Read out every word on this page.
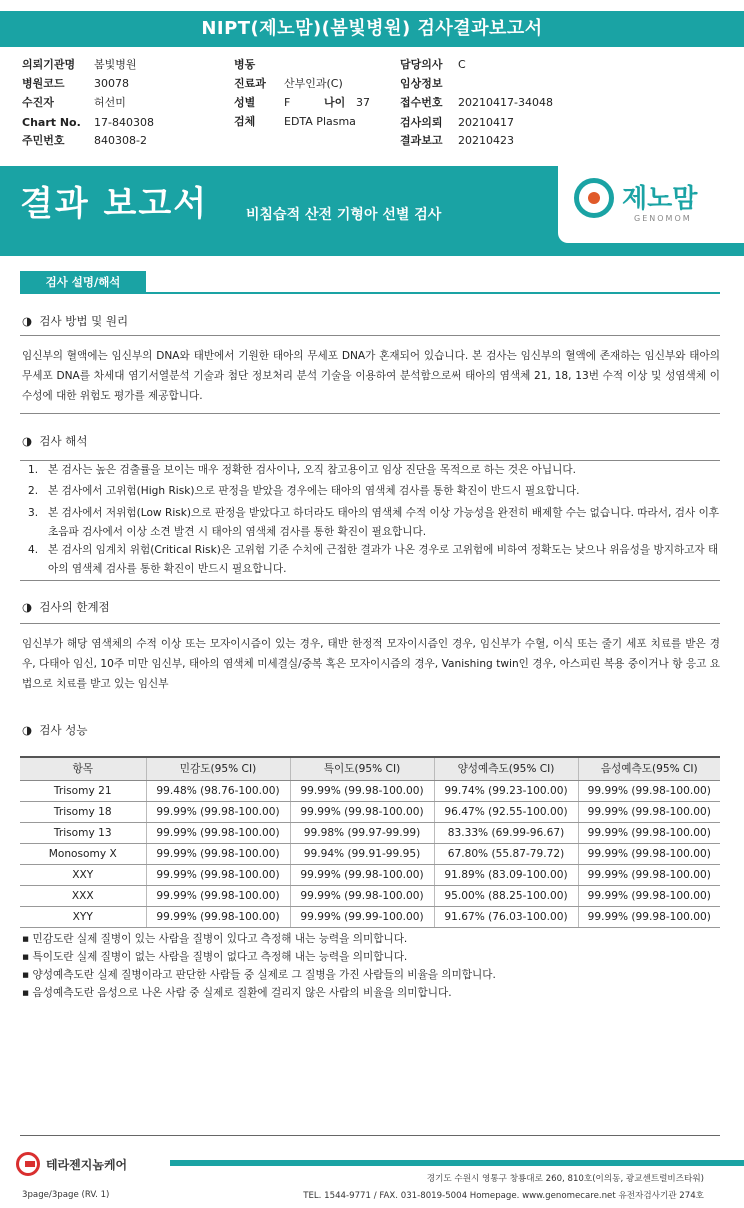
NIPT(제노맘)(봄빛병원) 검사결과보고서
의뢰기관명 봄빛병원
병원코드	30078
수진자	허선미
Chart No. 17-840308
주민번호	840308-2
병동
진료과 산부인과(C)
성별	F	나이 37
검체	EDTA Plasma
담당의사 C
임상정보
접수번호 20210417-34048
검사의뢰 20210417
결과보고 20210423
결과 보고서	비침습적 산전 기형아 선별 검사
제노맘
GENOMOM
검사 설명/해석
◑ 검사 방법 및 원리
임신부의 혈액에는 임신부의 DNA와 태반에서 기원한 태아의 무세포 DNA가 혼재되어 있습니다. 본 검사는 임신부의 혈액에 존재하는 임신부와 태아의 무세포 DNA를 차세대 염기서열분석 기술과 첨단 정보처리 분석 기술을 이용하여 분석함으로써 태아의 염색체 21, 18, 13번 수적 이상 및 성염색체 이수성에 대한 위험도 평가를 제공합니다.
◑ 검사 해석
1. 본 검사는 높은 검출률을 보이는 매우 정확한 검사이나, 오직 참고용이고 임상 진단을 목적으로 하는 것은 아닙니다.
2. 본 검사에서 고위험(High Risk)으로 판정을 받았을 경우에는 태아의 염색체 검사를 통한 확진이 반드시 필요합니다.
3. 본 검사에서 저위험(Low Risk)으로 판정을 받았다고 하더라도 태아의 염색체 수적 이상 가능성을 완전히 배제할 수는 없습니다. 따라서, 검사 이후 초음파 검사에서 이상 소견 발견 시 태아의 염색체 검사를 통한 확진이 필요합니다.
4. 본 검사의 임계치 위험(Critical Risk)은 고위험 기준 수치에 근접한 결과가 나온 경우로 고위험에 비하여 정확도는 낮으나 위음성을 방지하고자 태아의 염색체 검사를 통한 확진이 반드시 필요합니다.
◑ 검사의 한계점
임신부가 해당 염색체의 수적 이상 또는 모자이시즘이 있는 경우, 태반 한정적 모자이시즘인 경우, 임신부가 수혈, 이식 또는 줄기 세포 치료를 받은 경우, 다태아 임신, 10주 미만 임신부, 태아의 염색체 미세결실/중복 혹은 모자이시즘의 경우, Vanishing twin인 경우, 아스피린 복용 중이거나 항 응고 요법으로 치료를 받고 있는 임신부
◑ 검사 성능
항목	민감도(95% CI)	특이도(95% CI)	양성예측도(95% CI)	음성예측도(95% CI)
Trisomy 21	99.48% (98.76-100.00)	99.99% (99.98-100.00)	99.74% (99.23-100.00)	99.99% (99.98-100.00)
Trisomy 18	99.99% (99.98-100.00)	99.99% (99.98-100.00)	96.47% (92.55-100.00)	99.99% (99.98-100.00)
Trisomy 13	99.99% (99.98-100.00)	99.98% (99.97-99.99)	83.33% (69.99-96.67)	99.99% (99.98-100.00)
Monosomy X	99.99% (99.98-100.00)	99.94% (99.91-99.95)	67.80% (55.87-79.72)	99.99% (99.98-100.00)
XXY	99.99% (99.98-100.00)	99.99% (99.98-100.00)	91.89% (83.09-100.00)	99.99% (99.98-100.00)
XXX	99.99% (99.98-100.00)	99.99% (99.98-100.00)	95.00% (88.25-100.00)	99.99% (99.98-100.00)
XYY	99.99% (99.98-100.00)	99.99% (99.99-100.00)	91.67% (76.03-100.00)	99.99% (99.98-100.00)
▪ 민감도란 실제 질병이 있는 사람을 질병이 있다고 측정해 내는 능력을 의미합니다.
▪ 특이도란 실제 질병이 없는 사람을 질병이 없다고 측정해 내는 능력을 의미합니다.
▪ 양성예측도란 실제 질병이라고 판단한 사람들 중 실제로 그 질병을 가진 사람들의 비율을 의미합니다.
▪ 음성예측도란 음성으로 나온 사람 중 실제로 질환에 걸리지 않은 사람의 비율을 의미합니다.
테라젠지놈케어
경기도 수원시 영통구 창룡대로 260, 810호(이의동, 광교센트럴비즈타워)
TEL. 1544-9771 / FAX. 031-8019-5004 Homepage. www.genomecare.net 유전자검사기관 274호
3page/3page (RV. 1)
